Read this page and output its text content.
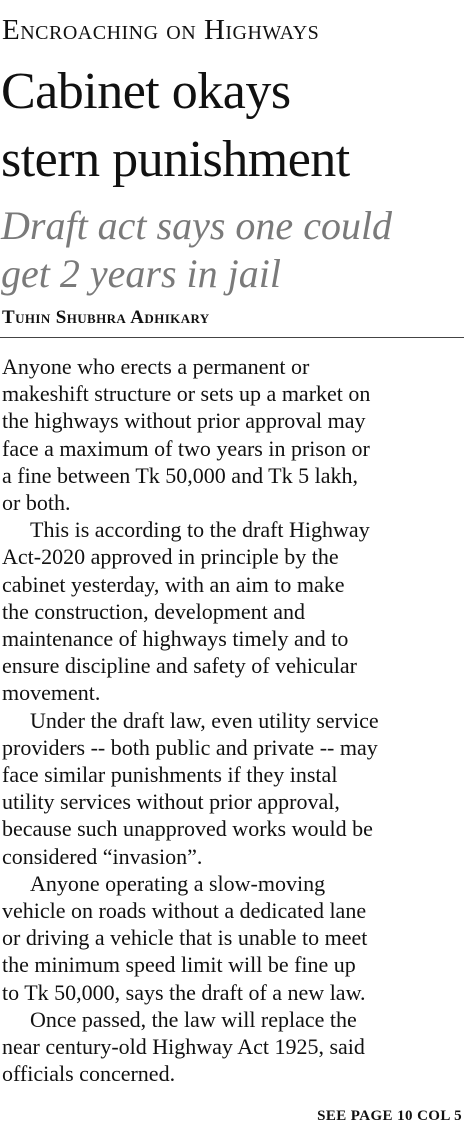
Encroaching on Highways
Cabinet okays
stern punishment
Draft act says one could
get 2 years in jail
Tuhin Shubhra Adhikary
Anyone who erects a permanent or
makeshift structure or sets up a market on
the highways without prior approval may
face a maximum of two years in prison or
a fine between Tk 50,000 and Tk 5 lakh,
or both.
This is according to the draft Highway
Act-2020 approved in principle by the
cabinet yesterday, with an aim to make
the construction, development and
maintenance of highways timely and to
ensure discipline and safety of vehicular
movement.
Under the draft law, even utility service
providers -- both public and private -- may
face similar punishments if they instal
utility services without prior approval,
because such unapproved works would be
considered “invasion”.
Anyone operating a slow-moving
vehicle on roads without a dedicated lane
or driving a vehicle that is unable to meet
the minimum speed limit will be fine up
to Tk 50,000, says the draft of a new law.
Once passed, the law will replace the
near century-old Highway Act 1925, said
officials concerned.
SEE PAGE 10 COL 5
